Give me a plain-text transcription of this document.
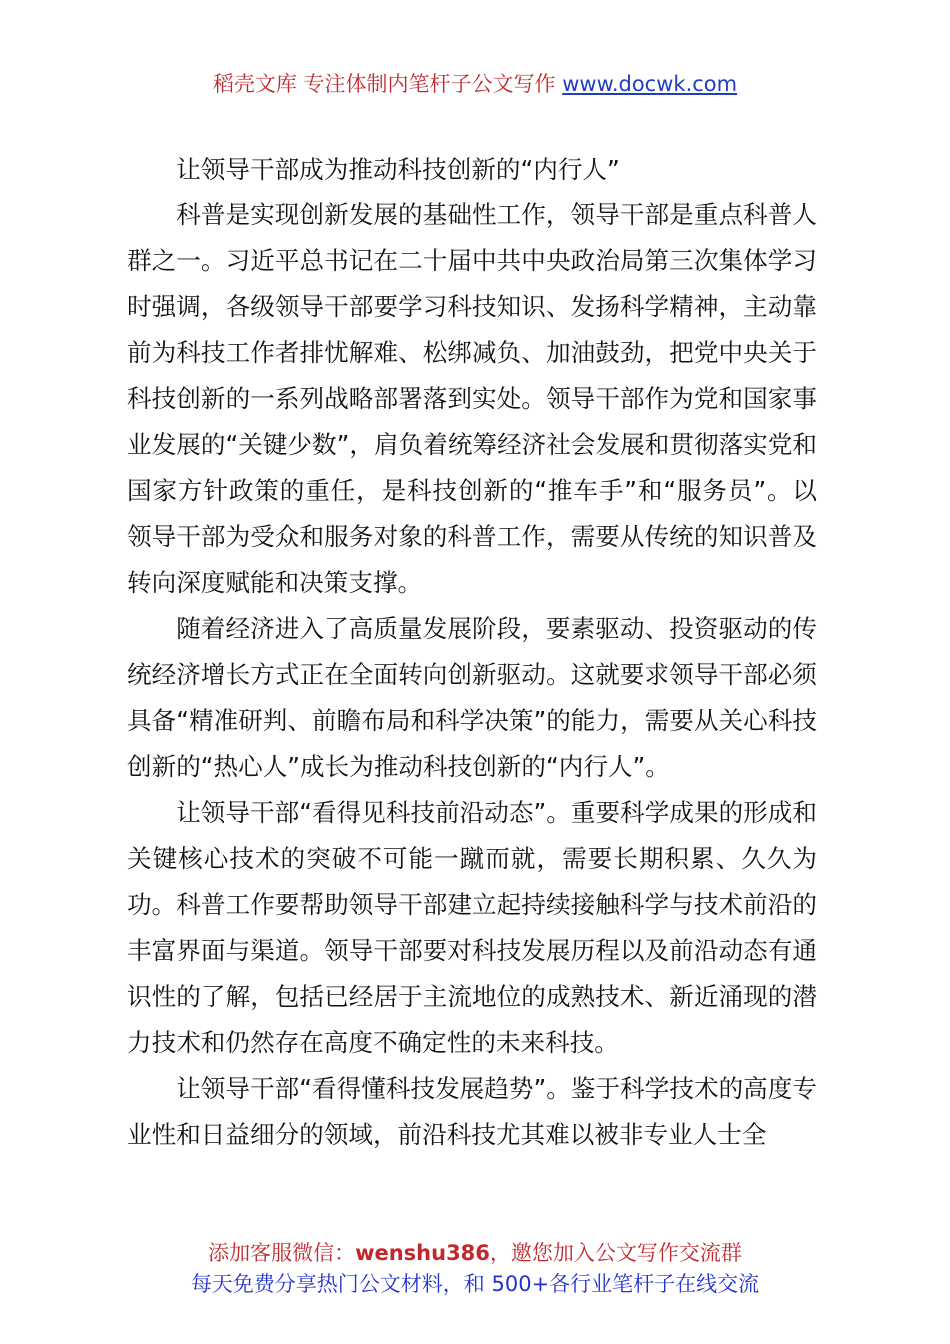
稻壳文库 专注体制内笔杆子公文写作 www.docwk.com

让领导干部成为推动科技创新的“内行人”

科普是实现创新发展的基础性工作，领导干部是重点科普人群之一。习近平总书记在二十届中共中央政治局第三次集体学习时强调，各级领导干部要学习科技知识、发扬科学精神，主动靠前为科技工作者排忧解难、松绑减负、加油鼓劲，把党中央关于科技创新的一系列战略部署落到实处。领导干部作为党和国家事业发展的“关键少数”，肩负着统筹经济社会发展和贯彻落实党和国家方针政策的重任，是科技创新的“推车手”和“服务员”。以领导干部为受众和服务对象的科普工作，需要从传统的知识普及转向深度赋能和决策支撑。

随着经济进入了高质量发展阶段，要素驱动、投资驱动的传统经济增长方式正在全面转向创新驱动。这就要求领导干部必须具备“精准研判、前瞻布局和科学决策”的能力，需要从关心科技创新的“热心人”成长为推动科技创新的“内行人”。

让领导干部“看得见科技前沿动态”。重要科学成果的形成和关键核心技术的突破不可能一蹴而就，需要长期积累、久久为功。科普工作要帮助领导干部建立起持续接触科学与技术前沿的丰富界面与渠道。领导干部要对科技发展历程以及前沿动态有通识性的了解，包括已经居于主流地位的成熟技术、新近涌现的潜力技术和仍然存在高度不确定性的未来科技。

让领导干部“看得懂科技发展趋势”。鉴于科学技术的高度专业性和日益细分的领域，前沿科技尤其难以被非专业人士全

添加客服微信：wenshu386，邀您加入公文写作交流群
每天免费分享热门公文材料，和 500+各行业笔杆子在线交流
